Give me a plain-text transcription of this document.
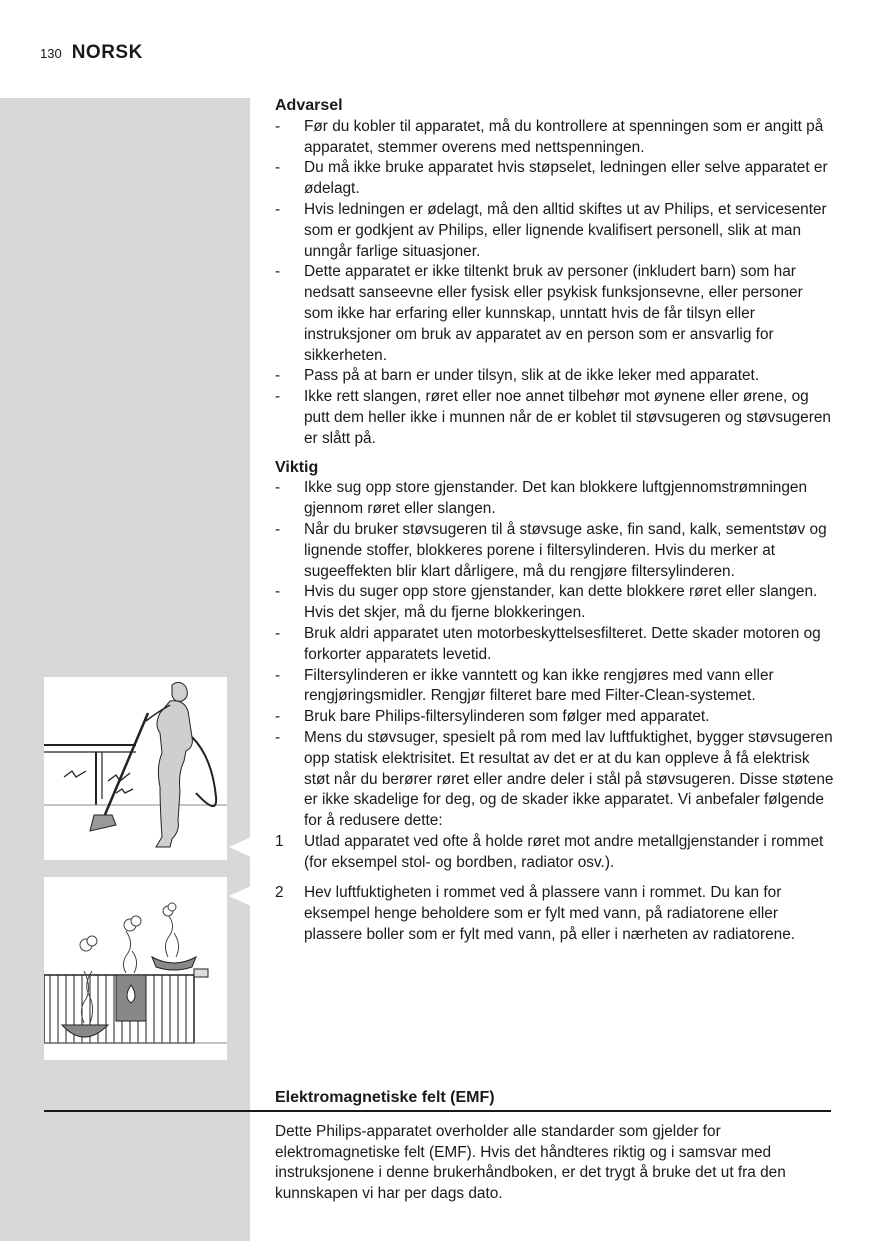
130 NORSK
Advarsel
- Før du kobler til apparatet, må du kontrollere at spenningen som er angitt på apparatet, stemmer overens med nettspenningen.
- Du må ikke bruke apparatet hvis støpselet, ledningen eller selve apparatet er ødelagt.
- Hvis ledningen er ødelagt, må den alltid skiftes ut av Philips, et servicesenter som er godkjent av Philips, eller lignende kvalifisert personell, slik at man unngår farlige situasjoner.
- Dette apparatet er ikke tiltenkt bruk av personer (inkludert barn) som har nedsatt sanseevne eller fysisk eller psykisk funksjonsevne, eller personer som ikke har erfaring eller kunnskap, unntatt hvis de får tilsyn eller instruksjoner om bruk av apparatet av en person som er ansvarlig for sikkerheten.
- Pass på at barn er under tilsyn, slik at de ikke leker med apparatet.
- Ikke rett slangen, røret eller noe annet tilbehør mot øynene eller ørene, og putt dem heller ikke i munnen når de er koblet til støvsugeren og støvsugeren er slått på.
Viktig
- Ikke sug opp store gjenstander. Det kan blokkere luftgjennomstrømningen gjennom røret eller slangen.
- Når du bruker støvsugeren til å støvsuge aske, fin sand, kalk, sementstøv og lignende stoffer, blokkeres porene i filtersylinderen. Hvis du merker at sugeeffekten blir klart dårligere, må du rengjøre filtersylinderen.
- Hvis du suger opp store gjenstander, kan dette blokkere røret eller slangen. Hvis det skjer, må du fjerne blokkeringen.
- Bruk aldri apparatet uten motorbeskyttelsesfilteret. Dette skader motoren og forkorter apparatets levetid.
- Filtersylinderen er ikke vanntett og kan ikke rengjøres med vann eller rengjøringsmidler. Rengjør filteret bare med Filter-Clean-systemet.
- Bruk bare Philips-filtersylinderen som følger med apparatet.
- Mens du støvsuger, spesielt på rom med lav luftfuktighet, bygger støvsugeren opp statisk elektrisitet. Et resultat av det er at du kan oppleve å få elektrisk støt når du berører røret eller andre deler i stål på støvsugeren. Disse støtene er ikke skadelige for deg, og de skader ikke apparatet. Vi anbefaler følgende for å redusere dette:
1 Utlad apparatet ved ofte å holde røret mot andre metallgjenstander i rommet (for eksempel stol- og bordben, radiator osv.).
2 Hev luftfuktigheten i rommet ved å plassere vann i rommet. Du kan for eksempel henge beholdere som er fylt med vann, på radiatorene eller plassere boller som er fylt med vann, på eller i nærheten av radiatorene.
Elektromagnetiske felt (EMF)
Dette Philips-apparatet overholder alle standarder som gjelder for elektromagnetiske felt (EMF). Hvis det håndteres riktig og i samsvar med instruksjonene i denne brukerhåndboken, er det trygt å bruke det ut fra den kunnskapen vi har per dags dato.
